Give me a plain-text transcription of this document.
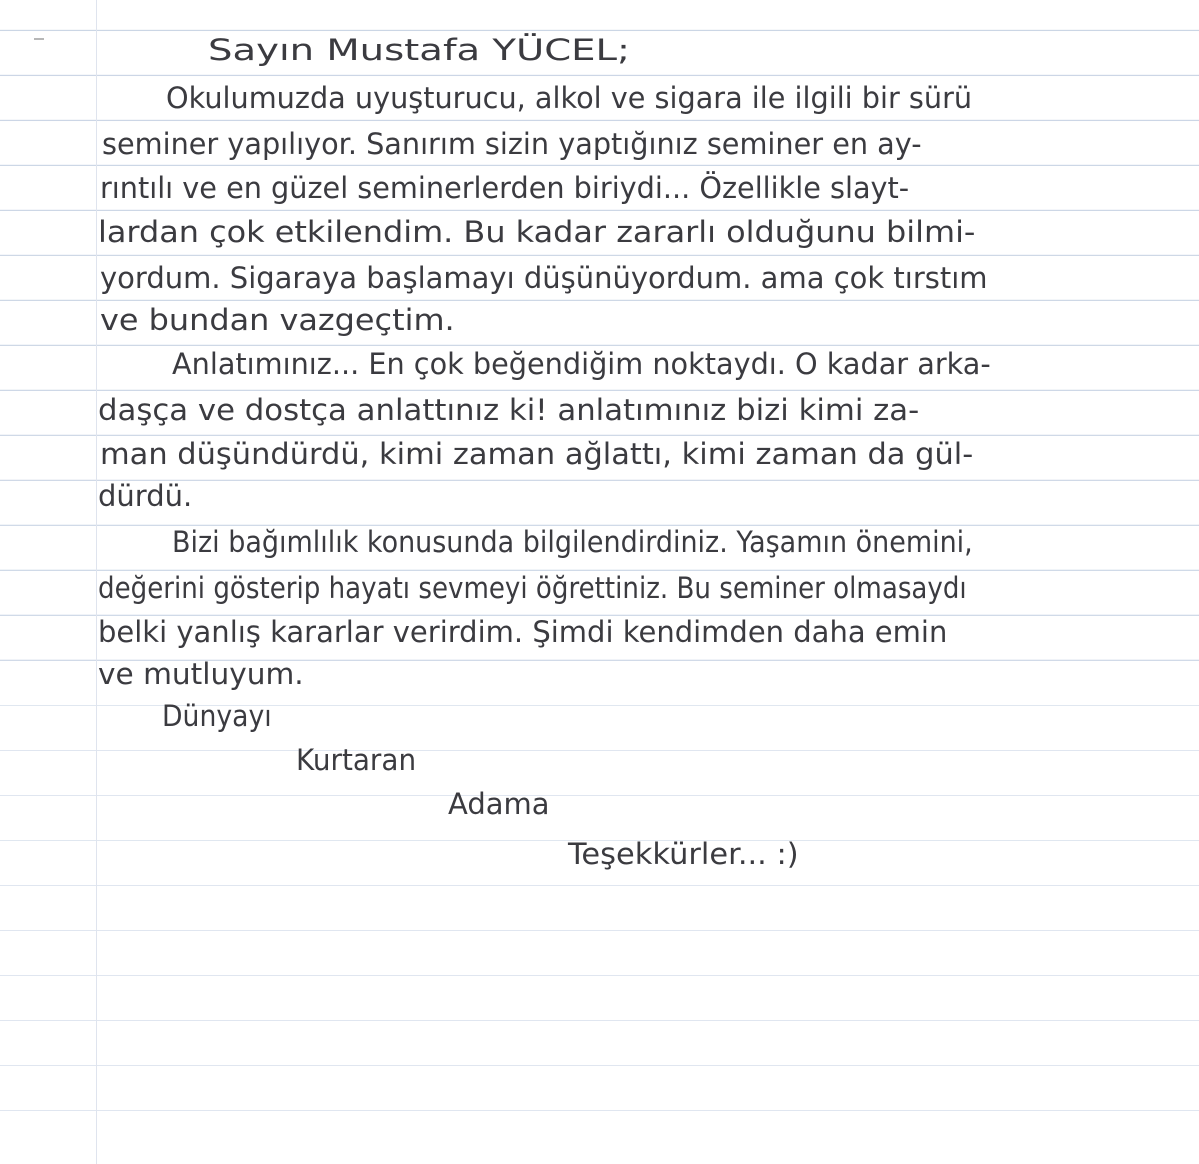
Sayın Mustafa YÜCEL;

Okulumuzda uyuşturucu, alkol ve sigara ile ilgili bir sürü

seminer yapılıyor. Sanırım sizin yaptığınız seminer en ay-

rıntılı ve en güzel seminerlerden biriydi... Özellikle slayt-

lardan çok etkilendim. Bu kadar zararlı olduğunu bilmi-

yordum. Sigaraya başlamayı düşünüyordum. ama çok tırstım

ve bundan vazgeçtim.

Anlatımınız... En çok beğendiğim noktaydı. O kadar arka-

daşça ve dostça anlattınız ki! anlatımınız bizi kimi za-

man düşündürdü, kimi zaman ağlattı, kimi zaman da gül-

dürdü.

Bizi bağımlılık konusunda bilgilendirdiniz. Yaşamın önemini,

değerini gösterip hayatı sevmeyi öğrettiniz. Bu seminer olmasaydı

belki yanlış kararlar verirdim. Şimdi kendimden daha emin

ve mutluyum.

Dünyayı

Kurtaran

Adama

Teşekkürler... :)
